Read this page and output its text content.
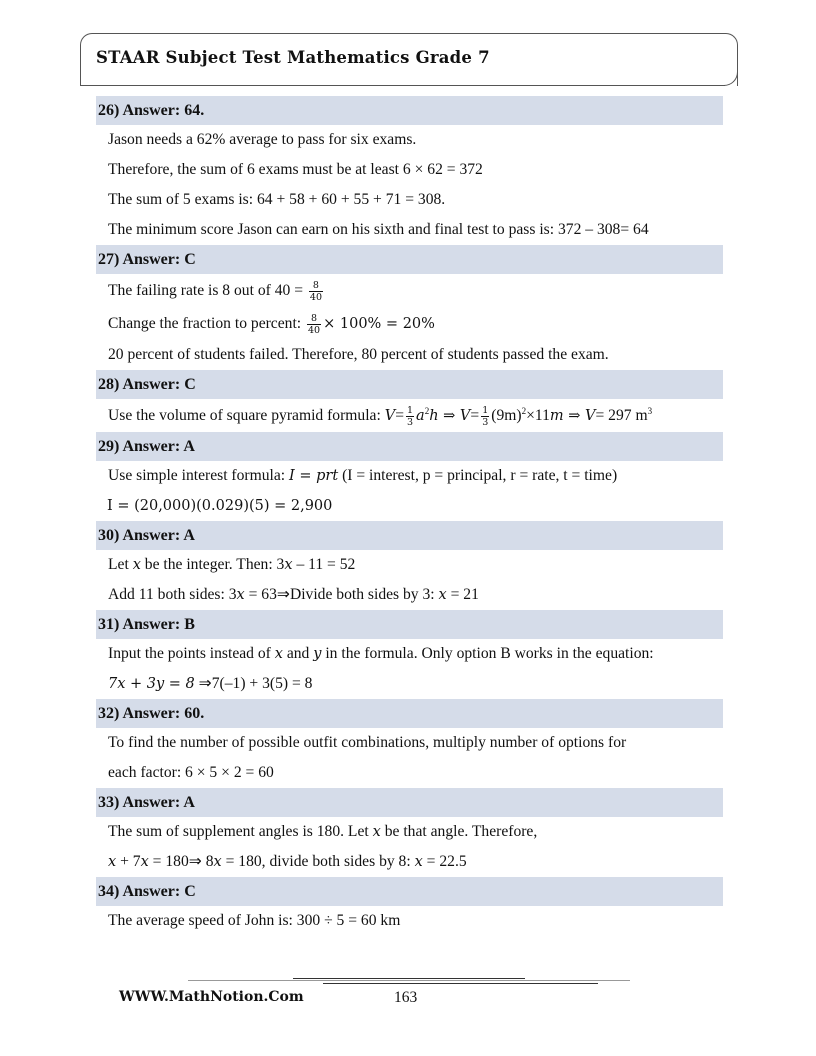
STAAR Subject Test Mathematics Grade 7
26) Answer: 64.
Jason needs a 62% average to pass for six exams.
Therefore, the sum of 6 exams must be at least 6 × 62 = 372
The sum of 5 exams is: 64 + 58 + 60 + 55 + 71 = 308.
The minimum score Jason can earn on his sixth and final test to pass is: 372 – 308= 64
27) Answer: C
The failing rate is 8 out of $40 = \frac{8}{40}$
Change the fraction to percent: $\frac{8}{40} \times 100\% = 20\%$
20 percent of students failed. Therefore, 80 percent of students passed the exam.
28) Answer: C
Use the volume of square pyramid formula: $V= \frac{1}{3} a^2h$ ⇒ $V= \frac{1}{3} (9m)^2\times 11m$ ⇒ V= 297 $m^3$
29) Answer: A
Use simple interest formula: I = prt (I = interest, p = principal, r = rate, t = time)
I = (20,000)(0.029)(5) = 2,900
30) Answer: A
Let x be the integer. Then: 3x – 11 = 52
Add 11 both sides: 3x = 63⇒Divide both sides by 3: x = 21
31) Answer: B
Input the points instead of x and y in the formula. Only option B works in the equation:
7x + 3y = 8 ⇒7(–1) + 3(5) = 8
32) Answer: 60.
To find the number of possible outfit combinations, multiply number of options for
each factor: 6 × 5 × 2 = 60
33) Answer: A
The sum of supplement angles is 180. Let x be that angle. Therefore,
x + 7x = 180⇒ 8x = 180, divide both sides by 8: x = 22.5
34) Answer: C
The average speed of John is: 300 ÷ 5 = 60 km
WWW.MathNotion.Com	163
